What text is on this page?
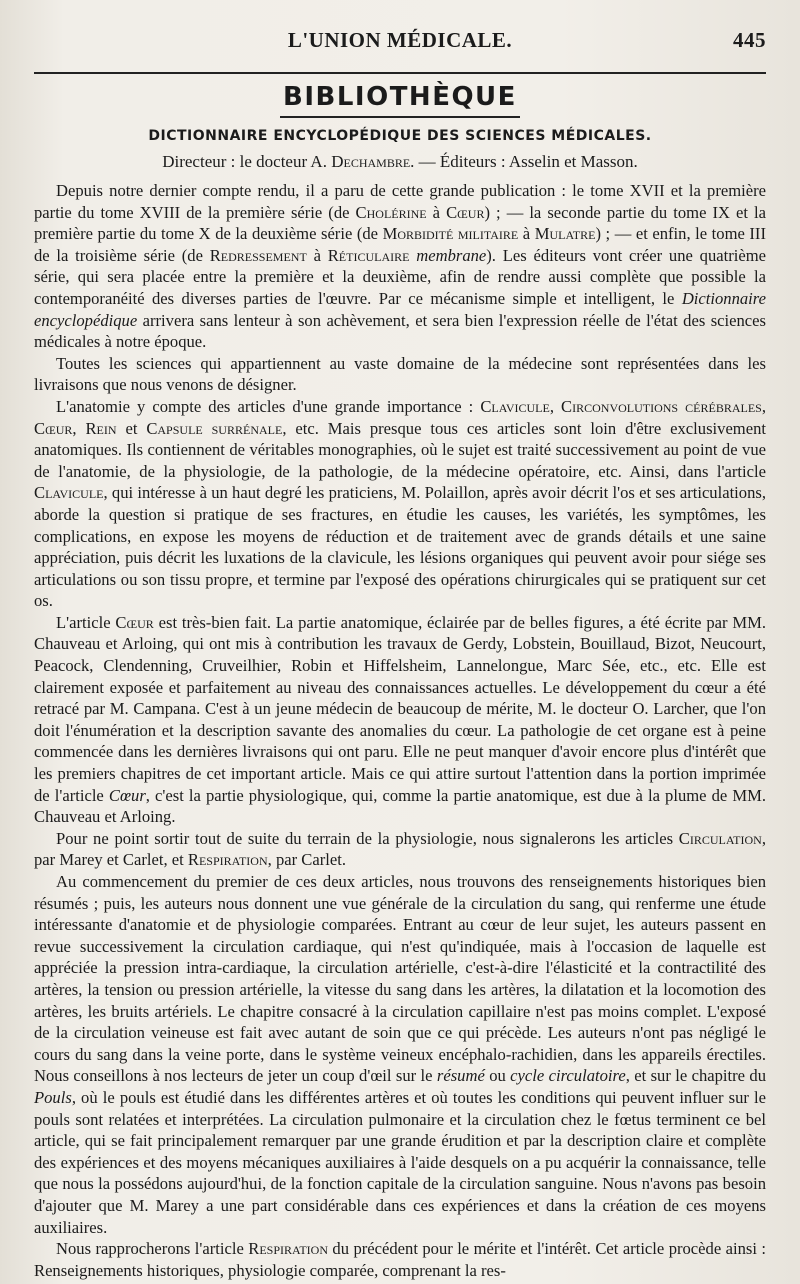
L'UNION MÉDICALE.	445
BIBLIOTHÈQUE
DICTIONNAIRE ENCYCLOPÉDIQUE DES SCIENCES MÉDICALES.
Directeur : le docteur A. Dechambre. — Éditeurs : Asselin et Masson.

Depuis notre dernier compte rendu, il a paru de cette grande publication : le tome XVII et la première partie du tome XVIII de la première série (de Cholérine à Cœur) ; — la seconde partie du tome IX et la première partie du tome X de la deuxième série (de Morbidité militaire à Mulatre) ; — et enfin, le tome III de la troisième série (de Redressement à Réticulaire membrane). Les éditeurs vont créer une quatrième série, qui sera placée entre la première et la deuxième, afin de rendre aussi complète que possible la contemporanéité des diverses parties de l'œuvre. Par ce mécanisme simple et intelligent, le Dictionnaire encyclopédique arrivera sans lenteur à son achèvement, et sera bien l'expression réelle de l'état des sciences médicales à notre époque.

Toutes les sciences qui appartiennent au vaste domaine de la médecine sont représentées dans les livraisons que nous venons de désigner.

L'anatomie y compte des articles d'une grande importance : Clavicule, Circonvolutions cérébrales, Cœur, Rein et Capsule surrénale, etc. Mais presque tous ces articles sont loin d'être exclusivement anatomiques. Ils contiennent de véritables monographies, où le sujet est traité successivement au point de vue de l'anatomie, de la physiologie, de la pathologie, de la médecine opératoire, etc. Ainsi, dans l'article Clavicule, qui intéresse à un haut degré les praticiens, M. Polaillon, après avoir décrit l'os et ses articulations, aborde la question si pratique de ses fractures, en étudie les causes, les variétés, les symptômes, les complications, en expose les moyens de réduction et de traitement avec de grands détails et une saine appréciation, puis décrit les luxations de la clavicule, les lésions organiques qui peuvent avoir pour siége ses articulations ou son tissu propre, et termine par l'exposé des opérations chirurgicales qui se pratiquent sur cet os.

L'article Cœur est très-bien fait. La partie anatomique, éclairée par de belles figures, a été écrite par MM. Chauveau et Arloing, qui ont mis à contribution les travaux de Gerdy, Lobstein, Bouillaud, Bizot, Neucourt, Peacock, Clendenning, Cruveilhier, Robin et Hiffelsheim, Lannelongue, Marc Sée, etc., etc. Elle est clairement exposée et parfaitement au niveau des connaissances actuelles. Le développement du cœur a été retracé par M. Campana. C'est à un jeune médecin de beaucoup de mérite, M. le docteur O. Larcher, que l'on doit l'énumération et la description savante des anomalies du cœur. La pathologie de cet organe est à peine commencée dans les dernières livraisons qui ont paru. Elle ne peut manquer d'avoir encore plus d'intérêt que les premiers chapitres de cet important article. Mais ce qui attire surtout l'attention dans la portion imprimée de l'article Cœur, c'est la partie physiologique, qui, comme la partie anatomique, est due à la plume de MM. Chauveau et Arloing.

Pour ne point sortir tout de suite du terrain de la physiologie, nous signalerons les articles Circulation, par Marey et Carlet, et Respiration, par Carlet.

Au commencement du premier de ces deux articles, nous trouvons des renseignements historiques bien résumés ; puis, les auteurs nous donnent une vue générale de la circulation du sang, qui renferme une étude intéressante d'anatomie et de physiologie comparées. Entrant au cœur de leur sujet, les auteurs passent en revue successivement la circulation cardiaque, qui n'est qu'indiquée, mais à l'occasion de laquelle est appréciée la pression intra-cardiaque, la circulation artérielle, c'est-à-dire l'élasticité et la contractilité des artères, la tension ou pression artérielle, la vitesse du sang dans les artères, la dilatation et la locomotion des artères, les bruits artériels. Le chapitre consacré à la circulation capillaire n'est pas moins complet. L'exposé de la circulation veineuse est fait avec autant de soin que ce qui précède. Les auteurs n'ont pas négligé le cours du sang dans la veine porte, dans le système veineux encéphalo-rachidien, dans les appareils érectiles. Nous conseillons à nos lecteurs de jeter un coup d'œil sur le résumé ou cycle circulatoire, et sur le chapitre du Pouls, où le pouls est étudié dans les différentes artères et où toutes les conditions qui peuvent influer sur le pouls sont relatées et interprétées. La circulation pulmonaire et la circulation chez le fœtus terminent ce bel article, qui se fait principalement remarquer par une grande érudition et par la description claire et complète des expériences et des moyens mécaniques auxiliaires à l'aide desquels on a pu acquérir la connaissance, telle que nous la possédons aujourd'hui, de la fonction capitale de la circulation sanguine. Nous n'avons pas besoin d'ajouter que M. Marey a une part considérable dans ces expériences et dans la création de ces moyens auxiliaires.

Nous rapprocherons l'article Respiration du précédent pour le mérite et l'intérêt. Cet article procède ainsi : Renseignements historiques, physiologie comparée, comprenant la res-
